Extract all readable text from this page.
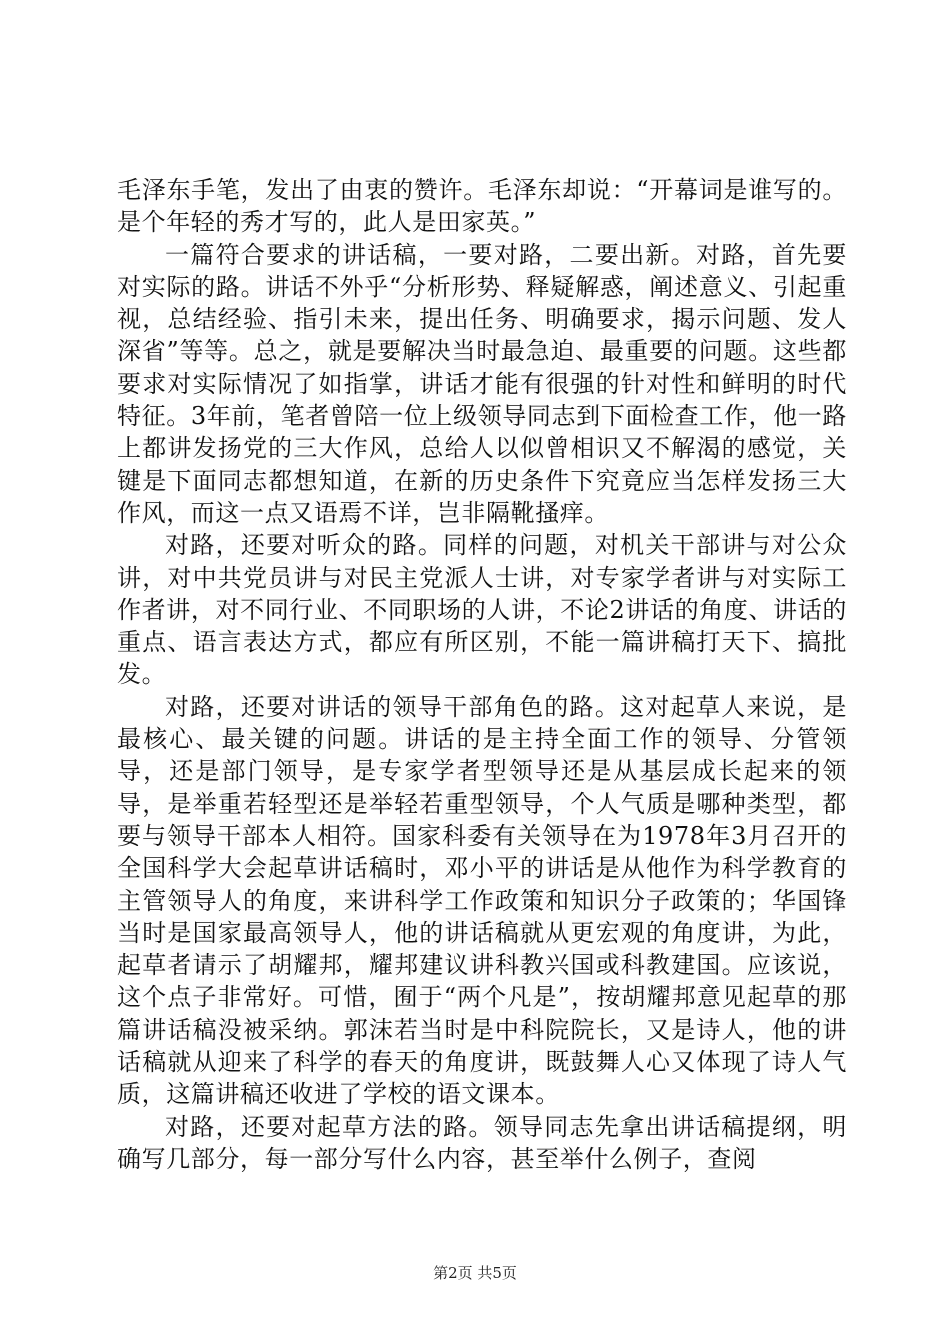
毛泽东手笔，发出了由衷的赞许。毛泽东却说：“开幕词是谁写的。是个年轻的秀才写的，此人是田家英。”

一篇符合要求的讲话稿，一要对路，二要出新。对路，首先要对实际的路。讲话不外乎“分析形势、释疑解惑，阐述意义、引起重视，总结经验、指引未来，提出任务、明确要求，揭示问题、发人深省”等等。总之，就是要解决当时最急迫、最重要的问题。这些都要求对实际情况了如指掌，讲话才能有很强的针对性和鲜明的时代特征。3年前，笔者曾陪一位上级领导同志到下面检查工作，他一路上都讲发扬党的三大作风，总给人以似曾相识又不解渴的感觉，关键是下面同志都想知道，在新的历史条件下究竟应当怎样发扬三大作风，而这一点又语焉不详，岂非隔靴搔痒。

对路，还要对听众的路。同样的问题，对机关干部讲与对公众讲，对中共党员讲与对民主党派人士讲，对专家学者讲与对实际工作者讲，对不同行业、不同职场的人讲，不论2讲话的角度、讲话的重点、语言表达方式，都应有所区别，不能一篇讲稿打天下、搞批发。

对路，还要对讲话的领导干部角色的路。这对起草人来说，是最核心、最关键的问题。讲话的是主持全面工作的领导、分管领导，还是部门领导，是专家学者型领导还是从基层成长起来的领导，是举重若轻型还是举轻若重型领导，个人气质是哪种类型，都要与领导干部本人相符。国家科委有关领导在为1978年3月召开的全国科学大会起草讲话稿时，邓小平的讲话是从他作为科学教育的主管领导人的角度，来讲科学工作政策和知识分子政策的；华国锋当时是国家最高领导人，他的讲话稿就从更宏观的角度讲，为此，起草者请示了胡耀邦，耀邦建议讲科教兴国或科教建国。应该说，这个点子非常好。可惜，囿于“两个凡是”，按胡耀邦意见起草的那篇讲话稿没被采纳。郭沫若当时是中科院院长，又是诗人，他的讲话稿就从迎来了科学的春天的角度讲，既鼓舞人心又体现了诗人气质，这篇讲稿还收进了学校的语文课本。

对路，还要对起草方法的路。领导同志先拿出讲话稿提纲，明确写几部分，每一部分写什么内容，甚至举什么例子，查阅

第2页 共5页
